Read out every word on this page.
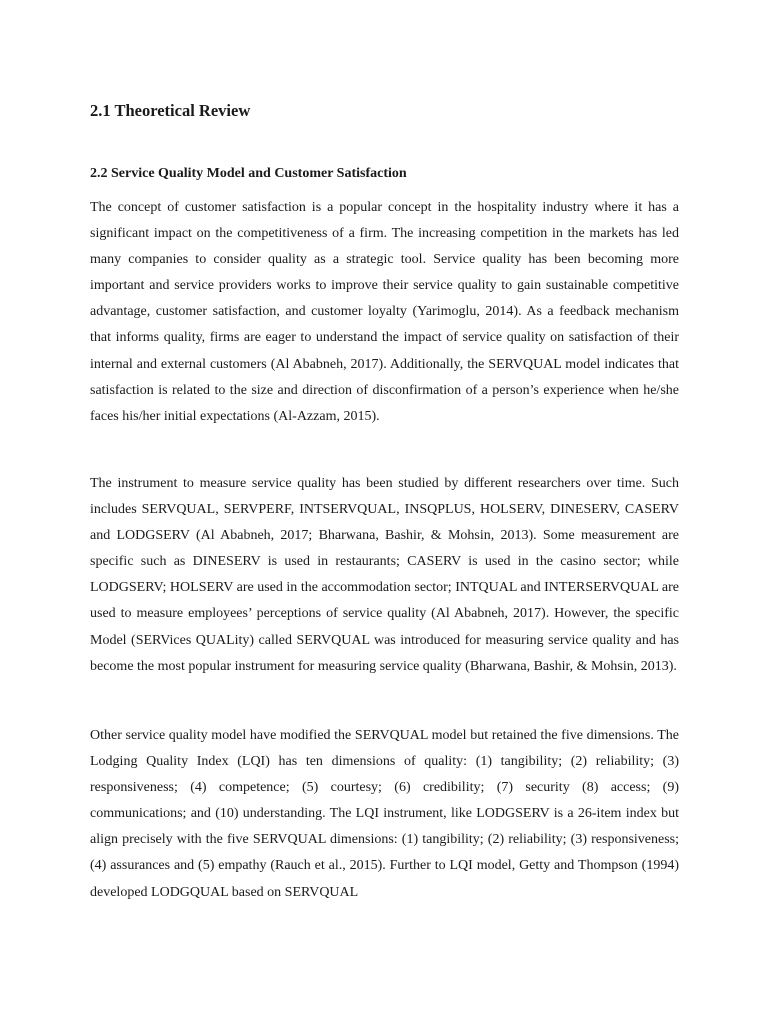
2.1 Theoretical Review
2.2 Service Quality Model and Customer Satisfaction

The concept of customer satisfaction is a popular concept in the hospitality industry where it has a significant impact on the competitiveness of a firm. The increasing competition in the markets has led many companies to consider quality as a strategic tool. Service quality has been becoming more important and service providers works to improve their service quality to gain sustainable competitive advantage, customer satisfaction, and customer loyalty (Yarimoglu, 2014). As a feedback mechanism that informs quality, firms are eager to understand the impact of service quality on satisfaction of their internal and external customers (Al Ababneh, 2017). Additionally, the SERVQUAL model indicates that satisfaction is related to the size and direction of disconfirmation of a person’s experience when he/she faces his/her initial expectations (Al-Azzam, 2015).

The instrument to measure service quality has been studied by different researchers over time. Such includes SERVQUAL, SERVPERF, INTSERVQUAL, INSQPLUS, HOLSERV, DINESERV, CASERV and LODGSERV (Al Ababneh, 2017; Bharwana, Bashir, & Mohsin, 2013). Some measurement are specific such as DINESERV is used in restaurants; CASERV is used in the casino sector; while LODGSERV; HOLSERV are used in the accommodation sector; INTQUAL and INTERSERVQUAL are used to measure employees’ perceptions of service quality (Al Ababneh, 2017). However, the specific Model (SERVices QUALity) called SERVQUAL was introduced for measuring service quality and has become the most popular instrument for measuring service quality (Bharwana, Bashir, & Mohsin, 2013).

Other service quality model have modified the SERVQUAL model but retained the five dimensions. The Lodging Quality Index (LQI) has ten dimensions of quality: (1) tangibility; (2) reliability; (3) responsiveness; (4) competence; (5) courtesy; (6) credibility; (7) security (8) access; (9) communications; and (10) understanding. The LQI instrument, like LODGSERV is a 26-item index but align precisely with the five SERVQUAL dimensions: (1) tangibility; (2) reliability; (3) responsiveness; (4) assurances and (5) empathy (Rauch et al., 2015). Further to LQI model, Getty and Thompson (1994) developed LODGQUAL based on SERVQUAL
